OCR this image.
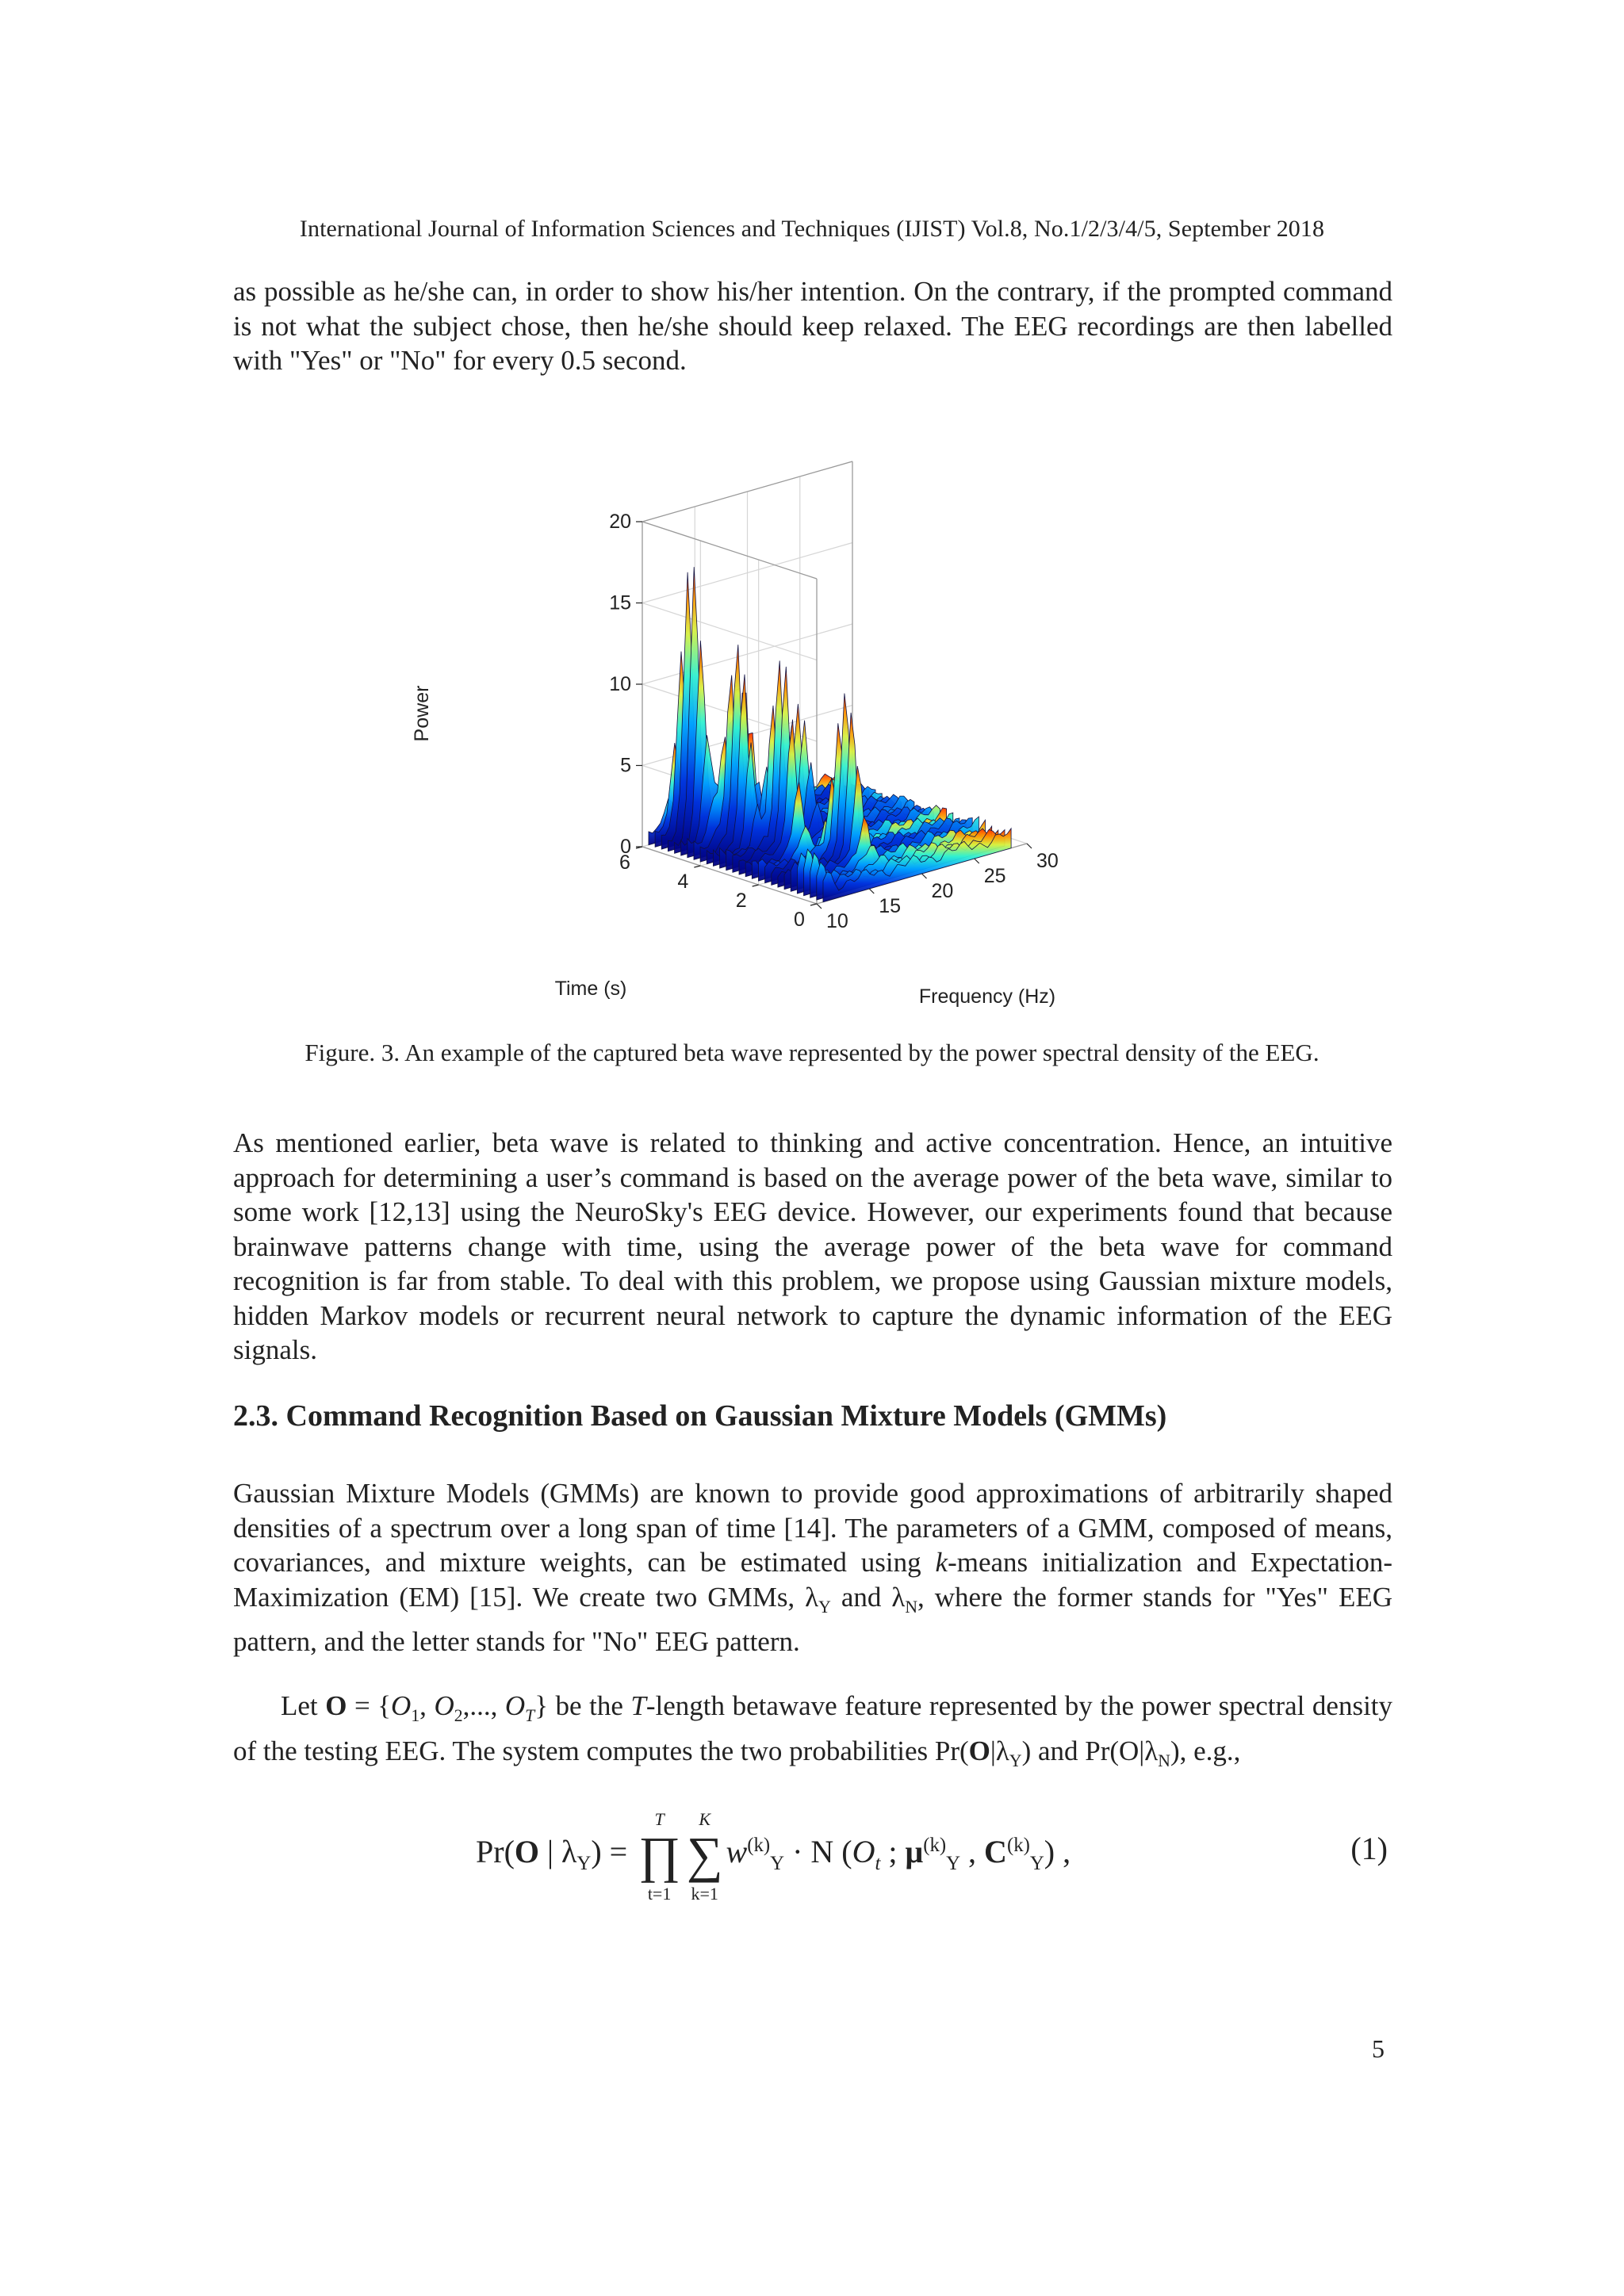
International Journal of Information Sciences and Techniques (IJIST) Vol.8, No.1/2/3/4/5, September 2018

as possible as he/she can, in order to show his/her intention. On the contrary, if the prompted command is not what the subject chose, then he/she should keep relaxed. The EEG recordings are then labelled with "Yes" or "No" for every 0.5 second.

10
15
20
25
30
0
2
4
6
0
5
10
15
20
Power
Time (s)	Frequency (Hz)
Figure. 3. An example of the captured beta wave represented by the power spectral density of the EEG.

As mentioned earlier, beta wave is related to thinking and active concentration. Hence, an intuitive approach for determining a user’s command is based on the average power of the beta wave, similar to some work [12,13] using the NeuroSky's EEG device. However, our experiments found that because brainwave patterns change with time, using the average power of the beta wave for command recognition is far from stable. To deal with this problem, we propose using Gaussian mixture models, hidden Markov models or recurrent neural network to capture the dynamic information of the EEG signals.

2.3. Command Recognition Based on Gaussian Mixture Models (GMMs)

Gaussian Mixture Models (GMMs) are known to provide good approximations of arbitrarily shaped densities of a spectrum over a long span of time [14]. The parameters of a GMM, composed of means, covariances, and mixture weights, can be estimated using k-means initialization and Expectation-Maximization (EM) [15]. We create two GMMs, $\lambda_Y$ and $\lambda_N$, where the former stands for "Yes" EEG pattern, and the letter stands for "No" EEG pattern.

Let $O = \{O_1$, $O_2$,..., $O_T$} be the T-length betawave feature represented by the power spectral density of the testing EEG. The system computes the two probabilities $Pr(O|\lambda_Y)$ and $Pr(O|\lambda_N)$, e.g.,

Pr(O | $\lambda_Y$) = ∏
T
t=1
∑
K
k=1
$w^{(k)}_Y \cdot N$ ($O_t$ ; $\mu^{(k)}_Y$ , $C^{(k)}_Y$) ,	(1)
5
